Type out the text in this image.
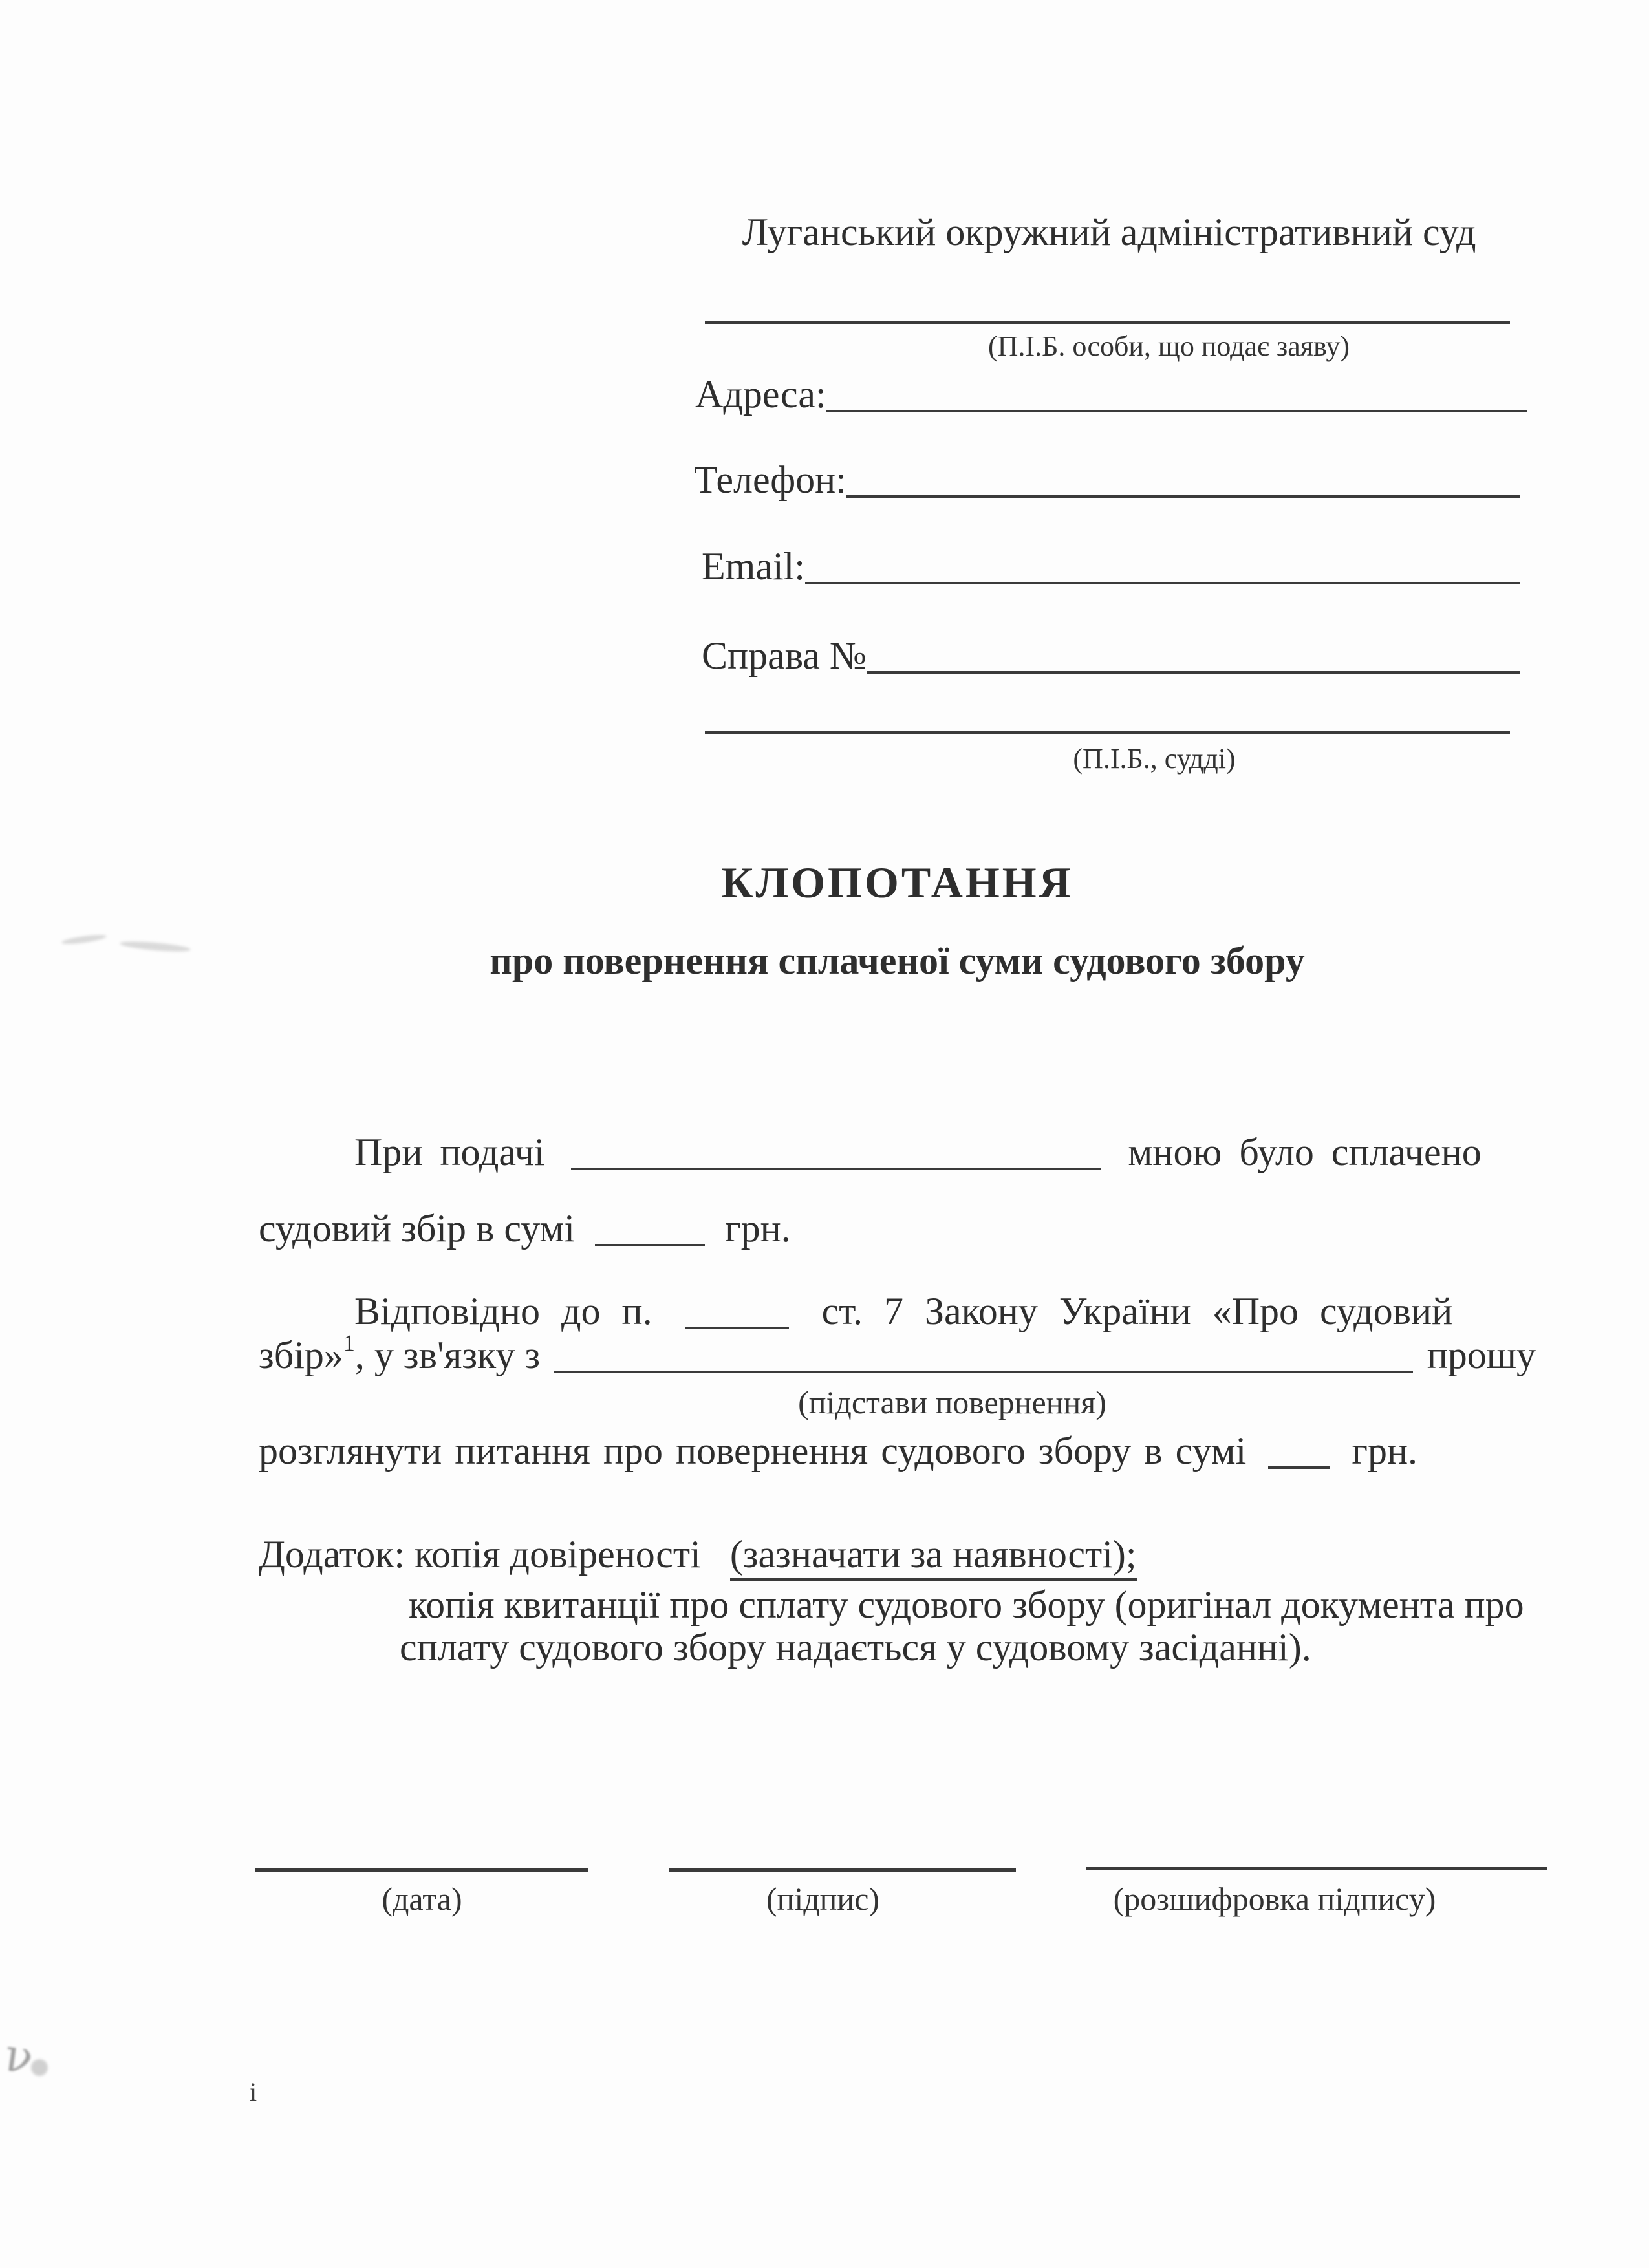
Луганський окружний адміністративний суд
(П.І.Б. особи, що подає заяву)
Адреса:
Телефон:
Email:
Справа №
(П.І.Б., судді)
КЛОПОТАННЯ
про повернення сплаченої суми судового збору
При подачі	мною було сплачено
судовий збір в сумі	грн.
Відповідно до п.	ст. 7 Закону України «Про судовий
збір»$^1$, у зв'язку з	прошу
(підстави повернення)
розглянути питання про повернення судового збору в сумі	грн.
Додаток: копія довіреності (зазначати за наявності);
копія квитанції про сплату судового збору (оригінал документа про
сплату судового збору надається у судовому засіданні).
(дата)	(підпис)	(розшифровка підпису)
i
ν
